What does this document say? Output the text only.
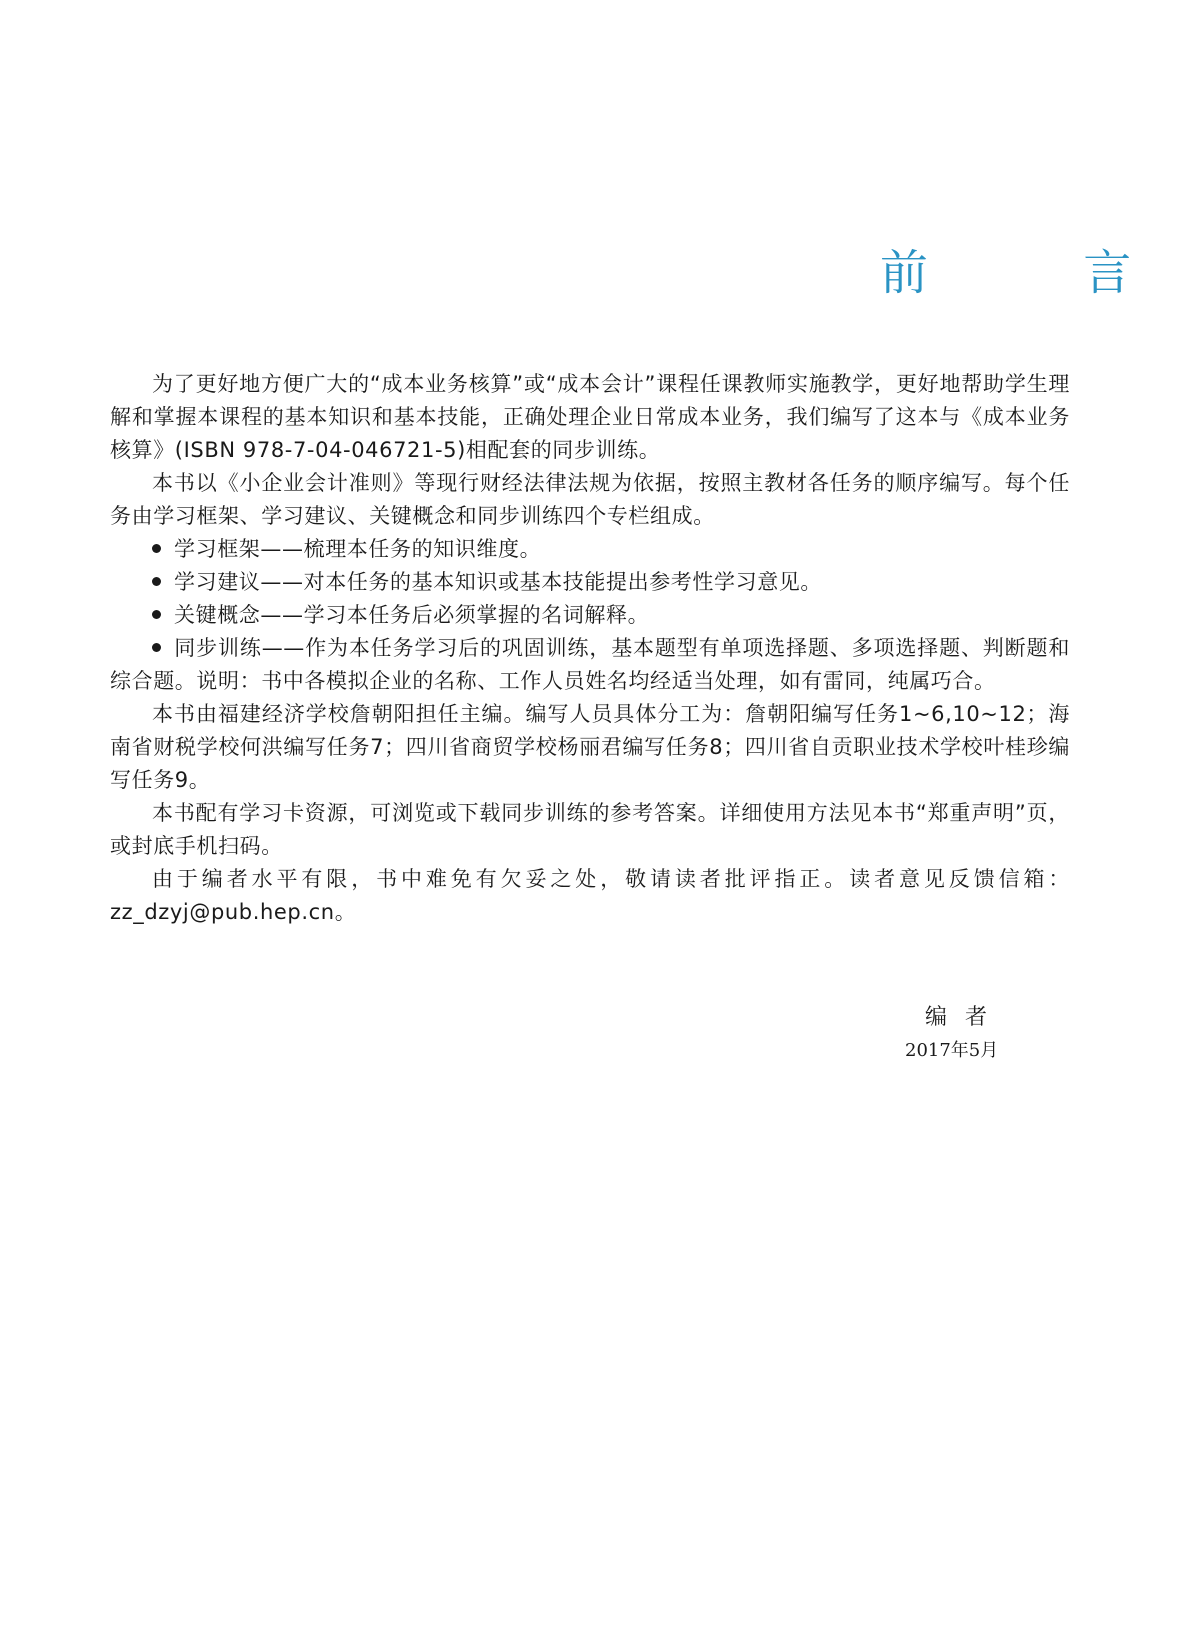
前 言

为了更好地方便广大的“成本业务核算”或“成本会计”课程任课教师实施教学，更好地帮助学生理解和掌握本课程的基本知识和基本技能，正确处理企业日常成本业务，我们编写了这本与《成本业务核算》(ISBN 978-7-04-046721-5)相配套的同步训练。

本书以《小企业会计准则》等现行财经法律法规为依据，按照主教材各任务的顺序编写。每个任务由学习框架、学习建议、关键概念和同步训练四个专栏组成。

学习框架——梳理本任务的知识维度。

学习建议——对本任务的基本知识或基本技能提出参考性学习意见。

关键概念——学习本任务后必须掌握的名词解释。

同步训练——作为本任务学习后的巩固训练，基本题型有单项选择题、多项选择题、判断题和综合题。说明：书中各模拟企业的名称、工作人员姓名均经适当处理，如有雷同，纯属巧合。

本书由福建经济学校詹朝阳担任主编。编写人员具体分工为：詹朝阳编写任务1~6,10~12；海南省财税学校何洪编写任务7；四川省商贸学校杨丽君编写任务8；四川省自贡职业技术学校叶桂珍编写任务9。

本书配有学习卡资源，可浏览或下载同步训练的参考答案。详细使用方法见本书“郑重声明”页，或封底手机扫码。

由于编者水平有限，书中难免有欠妥之处，敬请读者批评指正。读者意见反馈信箱：zz_dzyj@pub.hep.cn。

编者
2017年5月
